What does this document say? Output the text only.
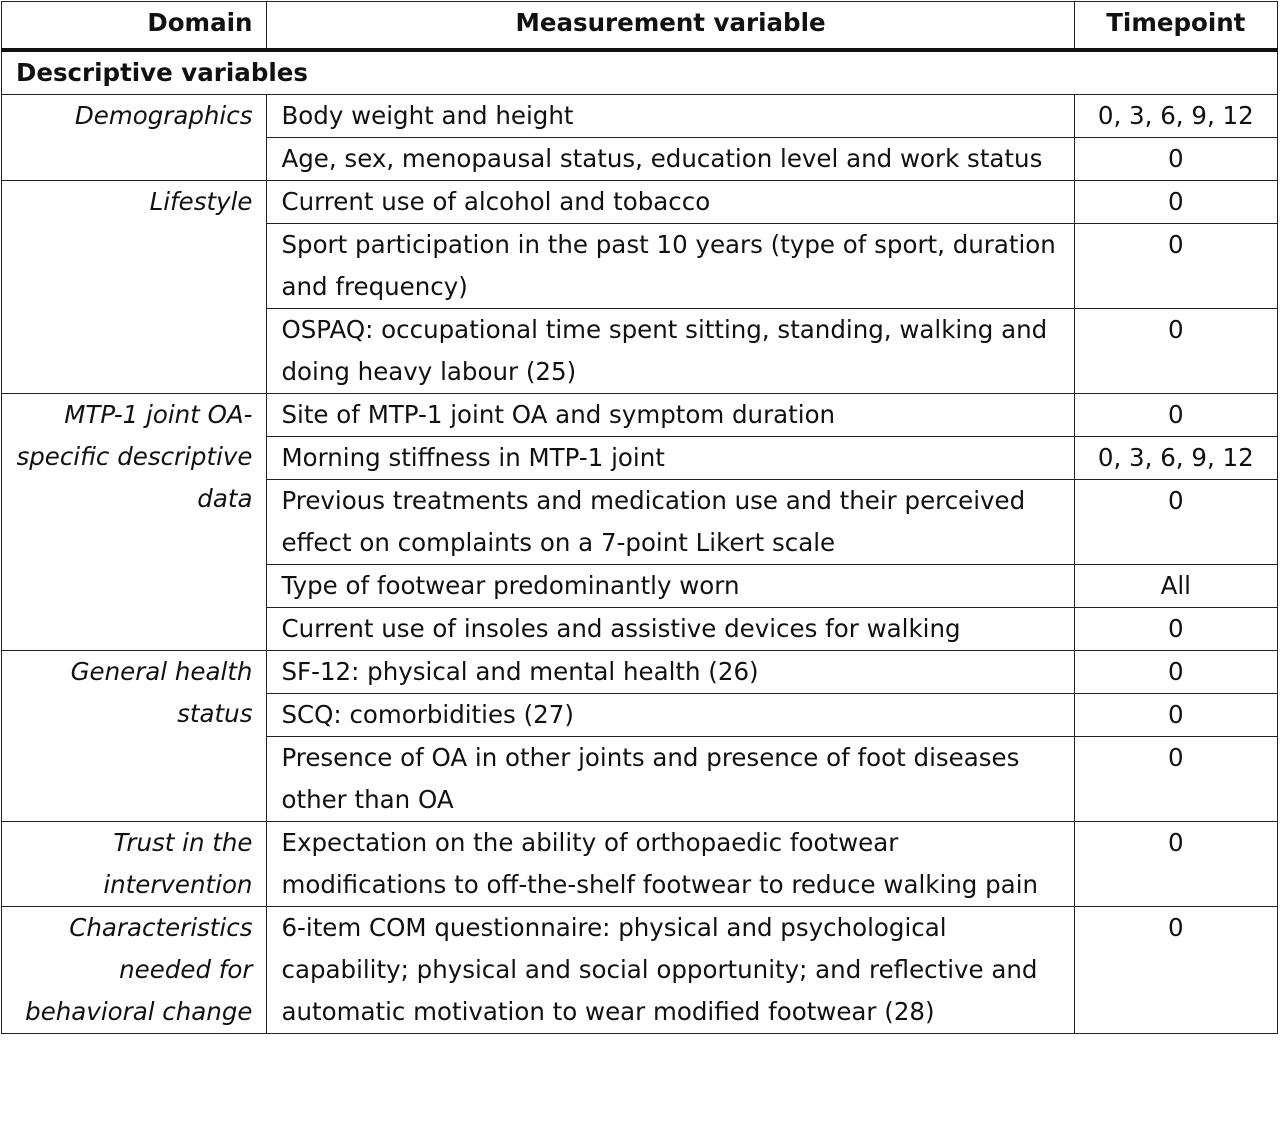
Domain	Measurement variable	Timepoint
Descriptive variables		
Demographics	Body weight and height	0, 3, 6, 9, 12
	Age, sex, menopausal status, education level and work status	0
Lifestyle	Current use of alcohol and tobacco	0
	Sport participation in the past 10 years (type of sport, duration and frequency)	0
	OSPAQ: occupational time spent sitting, standing, walking and doing heavy labour (25)	0
MTP-1 joint OA-specific descriptive data	Site of MTP-1 joint OA and symptom duration	0
	Morning stiffness in MTP-1 joint	0, 3, 6, 9, 12
	Previous treatments and medication use and their perceived effect on complaints on a 7-point Likert scale	0
	Type of footwear predominantly worn	All
	Current use of insoles and assistive devices for walking	0
General health status	SF-12: physical and mental health (26)	0
	SCQ: comorbidities (27)	0
	Presence of OA in other joints and presence of foot diseases other than OA	0
Trust in the intervention	Expectation on the ability of orthopaedic footwear modifications to off-the-shelf footwear to reduce walking pain	0
Characteristics needed for behavioral change	6-item COM questionnaire: physical and psychological capability; physical and social opportunity; and reflective and automatic motivation to wear modified footwear (28)	0
